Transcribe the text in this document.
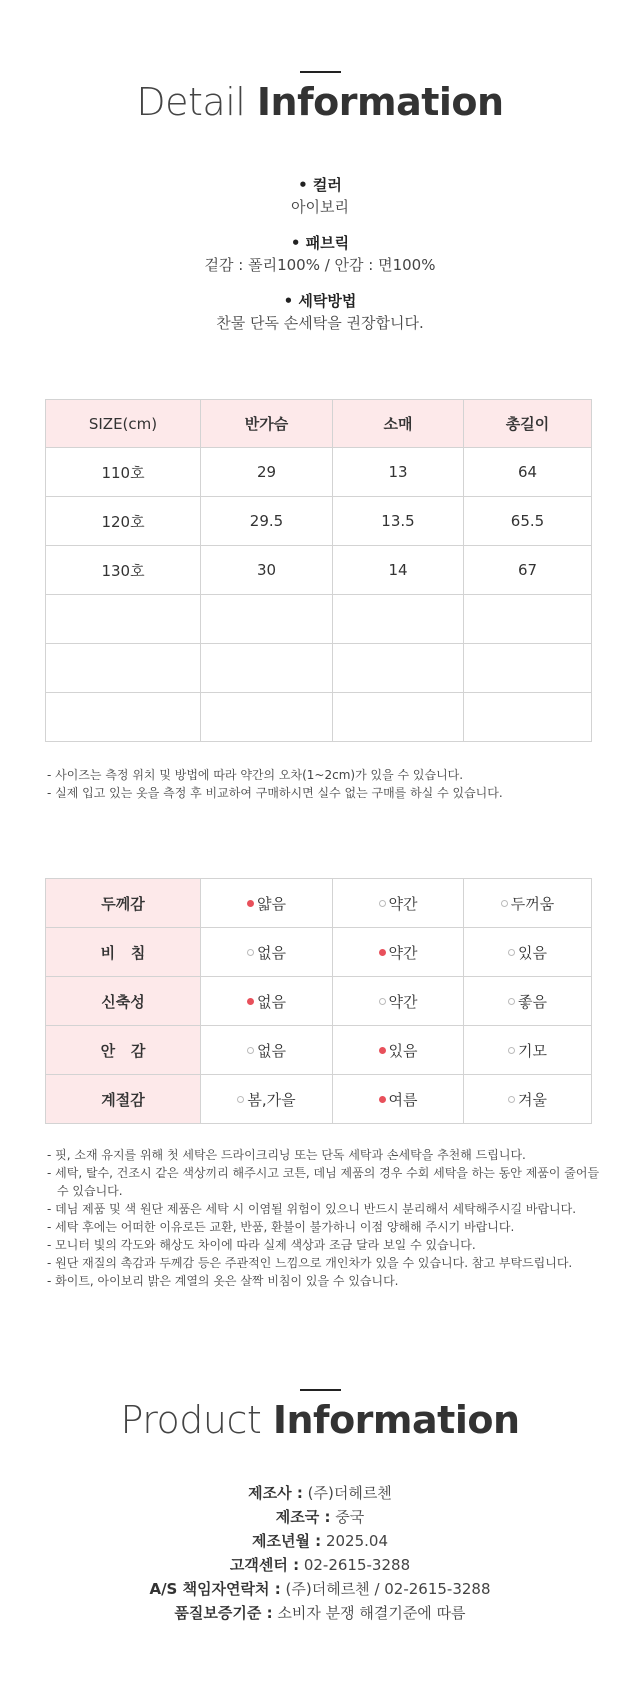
Detail Information
• 컬러
아이보리
• 패브릭
겉감 : 폴리100% / 안감 : 면100%
• 세탁방법
찬물 단독 손세탁을 권장합니다.
SIZE(cm)	반가슴	소매	총길이
110호	29	13	64
120호	29.5	13.5	65.5
130호	30	14	67

- 사이즈는 측정 위치 및 방법에 따라 약간의 오차(1~2cm)가 있을 수 있습니다.
- 실제 입고 있는 옷을 측정 후 비교하여 구매하시면 실수 없는 구매를 하실 수 있습니다.
두께감	얇음	약간	두꺼움
비   침	없음	약간	있음
신축성	없음	약간	좋음
안   감	없음	있음	기모
계절감	봄,가을	여름	겨울
- 핏, 소재 유지를 위해 첫 세탁은 드라이크리닝 또는 단독 세탁과 손세탁을 추천해 드립니다.
- 세탁, 탈수, 건조시 같은 색상끼리 해주시고 코튼, 데님 제품의 경우 수회 세탁을 하는 동안 제품이 줄어들 수 있습니다.
- 데님 제품 및 색 원단 제품은 세탁 시 이염될 위험이 있으니 반드시 분리해서 세탁해주시길 바랍니다.
- 세탁 후에는 어떠한 이유로든 교환, 반품, 환불이 불가하니 이점 양해해 주시기 바랍니다.
- 모니터 빛의 각도와 해상도 차이에 따라 실제 색상과 조금 달라 보일 수 있습니다.
- 원단 재질의 촉감과 두께감 등은 주관적인 느낌으로 개인차가 있을 수 있습니다. 참고 부탁드립니다.
- 화이트, 아이보리 밝은 계열의 옷은 살짝 비침이 있을 수 있습니다.
Product Information
제조사 : (주)더헤르첸
제조국 : 중국
제조년월 : 2025.04
고객센터 : 02-2615-3288
A/S 책임자연락처 : (주)더헤르첸 / 02-2615-3288
품질보증기준 : 소비자 분쟁 해결기준에 따름
